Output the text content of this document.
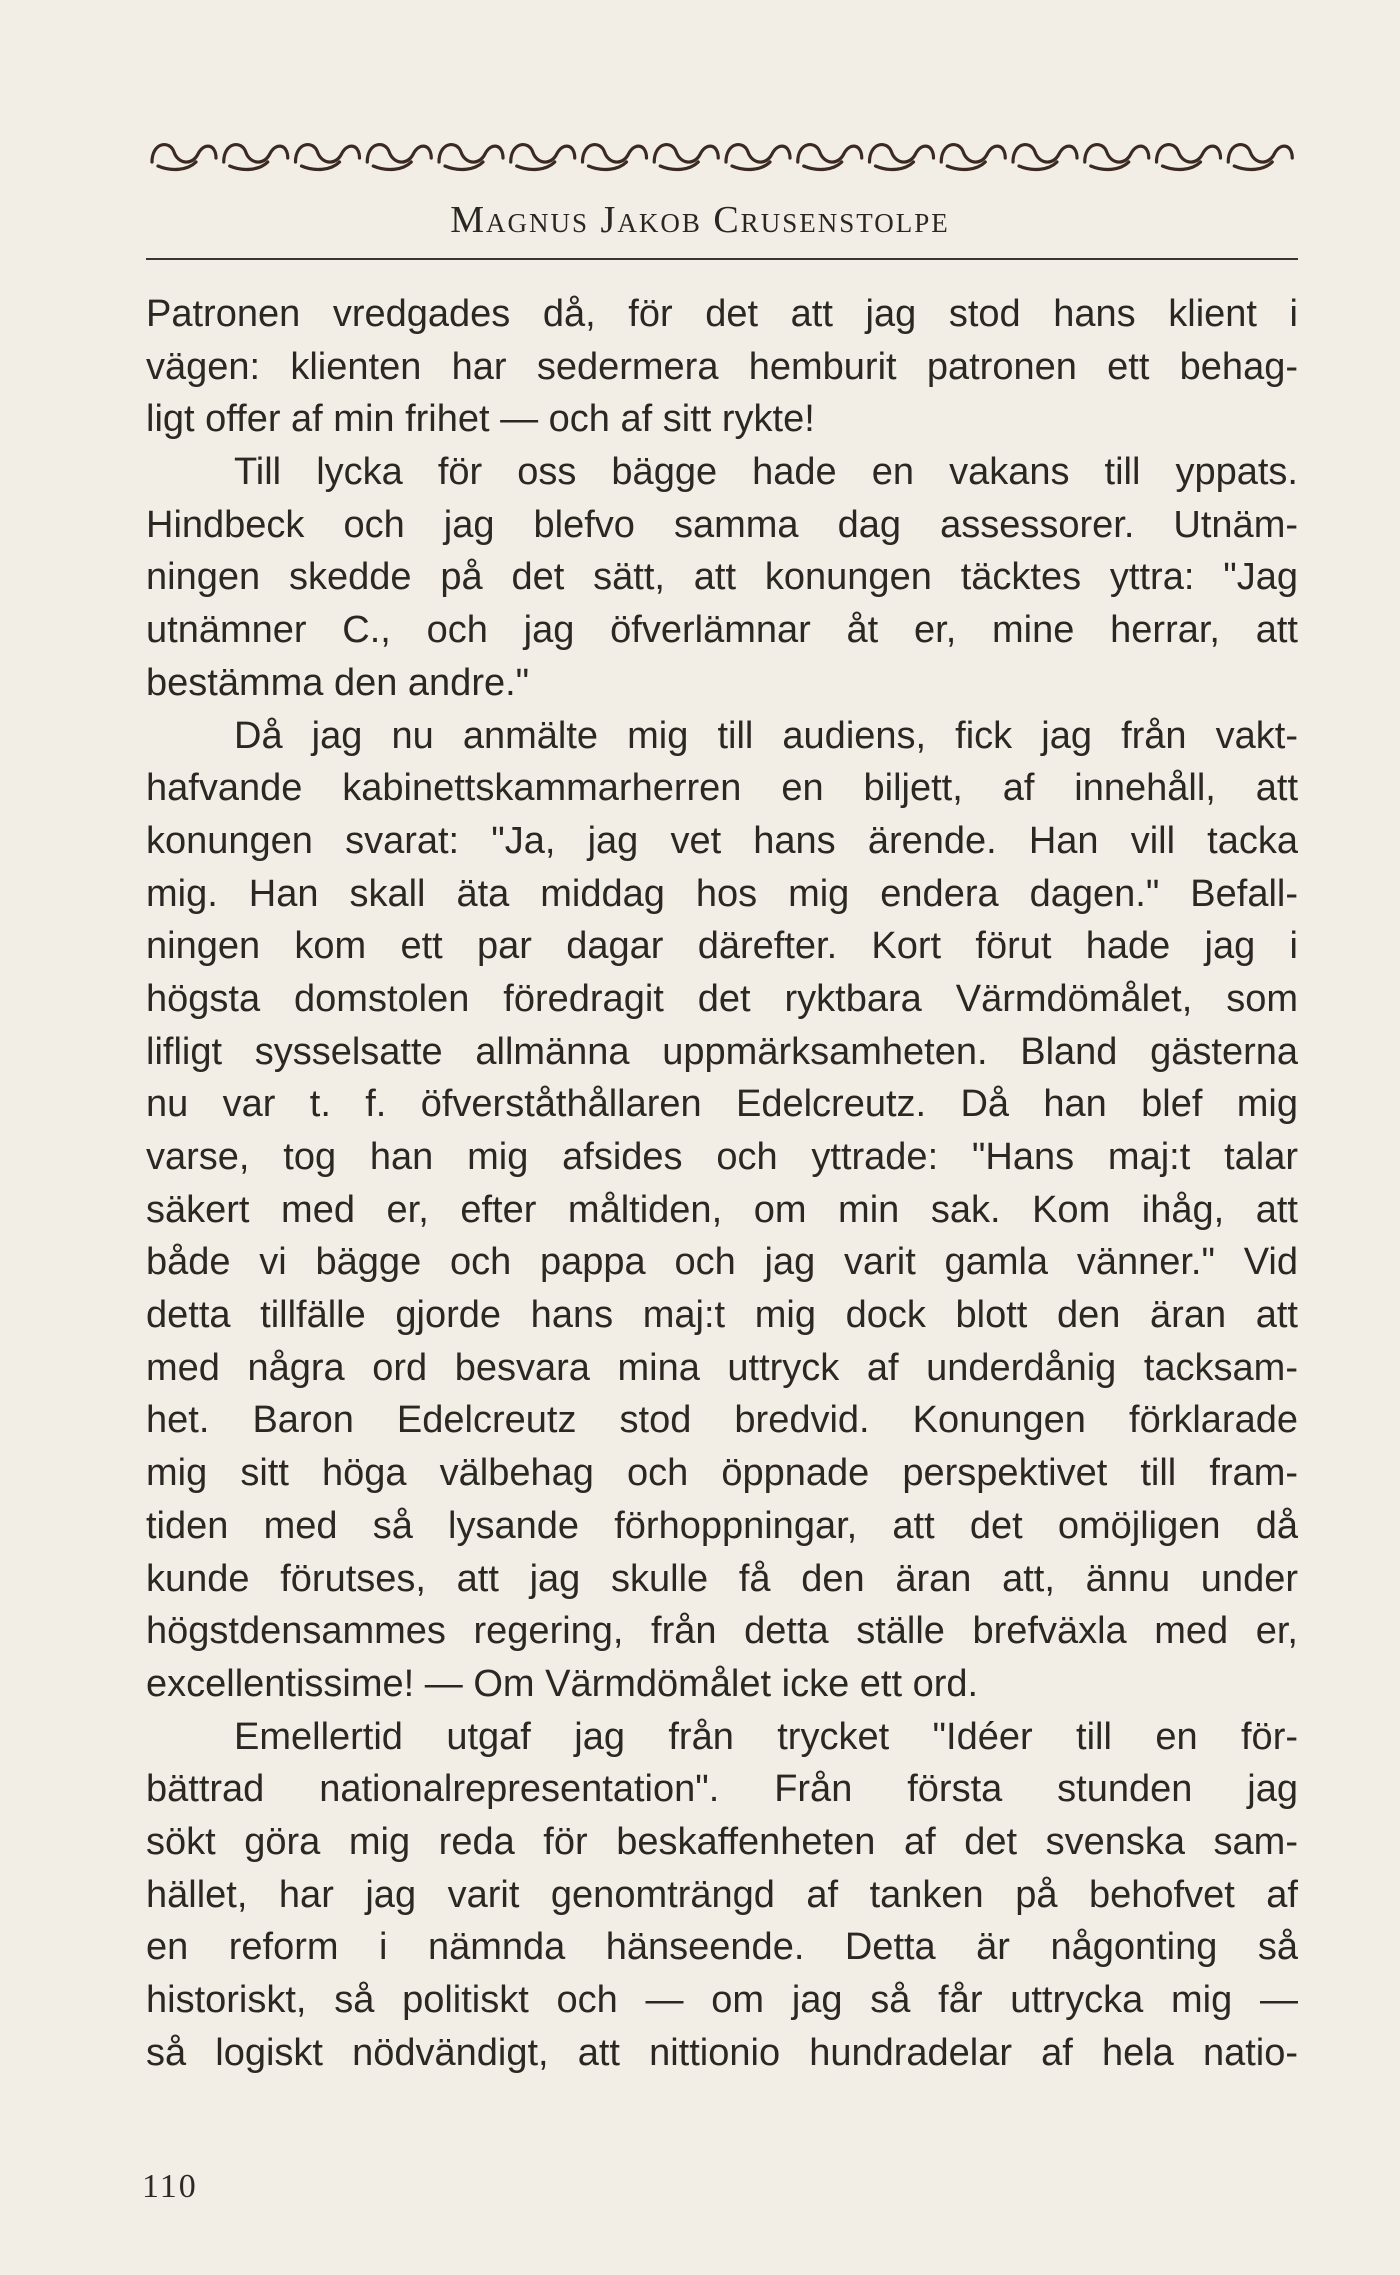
Magnus Jakob Crusenstolpe
Patronen vredgades då, för det att jag stod hans klient i
vägen: klienten har sedermera hemburit patronen ett behag-
ligt offer af min frihet — och af sitt rykte!
Till lycka för oss bägge hade en vakans till yppats.
Hindbeck och jag blefvo samma dag assessorer. Utnäm-
ningen skedde på det sätt, att konungen täcktes yttra: "Jag
utnämner C., och jag öfverlämnar åt er, mine herrar, att
bestämma den andre."
Då jag nu anmälte mig till audiens, fick jag från vakt-
hafvande kabinettskammarherren en biljett, af innehåll, att
konungen svarat: "Ja, jag vet hans ärende. Han vill tacka
mig. Han skall äta middag hos mig endera dagen." Befall-
ningen kom ett par dagar därefter. Kort förut hade jag i
högsta domstolen föredragit det ryktbara Värmdömålet, som
lifligt sysselsatte allmänna uppmärksamheten. Bland gästerna
nu var t. f. öfverståthållaren Edelcreutz. Då han blef mig
varse, tog han mig afsides och yttrade: "Hans maj:t talar
säkert med er, efter måltiden, om min sak. Kom ihåg, att
både vi bägge och pappa och jag varit gamla vänner." Vid
detta tillfälle gjorde hans maj:t mig dock blott den äran att
med några ord besvara mina uttryck af underdånig tacksam-
het. Baron Edelcreutz stod bredvid. Konungen förklarade
mig sitt höga välbehag och öppnade perspektivet till fram-
tiden med så lysande förhoppningar, att det omöjligen då
kunde förutses, att jag skulle få den äran att, ännu under
högstdensammes regering, från detta ställe brefväxla med er,
excellentissime! — Om Värmdömålet icke ett ord.
Emellertid utgaf jag från trycket "Idéer till en för-
bättrad nationalrepresentation". Från första stunden jag
sökt göra mig reda för beskaffenheten af det svenska sam-
hället, har jag varit genomträngd af tanken på behofvet af
en reform i nämnda hänseende. Detta är någonting så
historiskt, så politiskt och — om jag så får uttrycka mig —
så logiskt nödvändigt, att nittionio hundradelar af hela natio-
110
